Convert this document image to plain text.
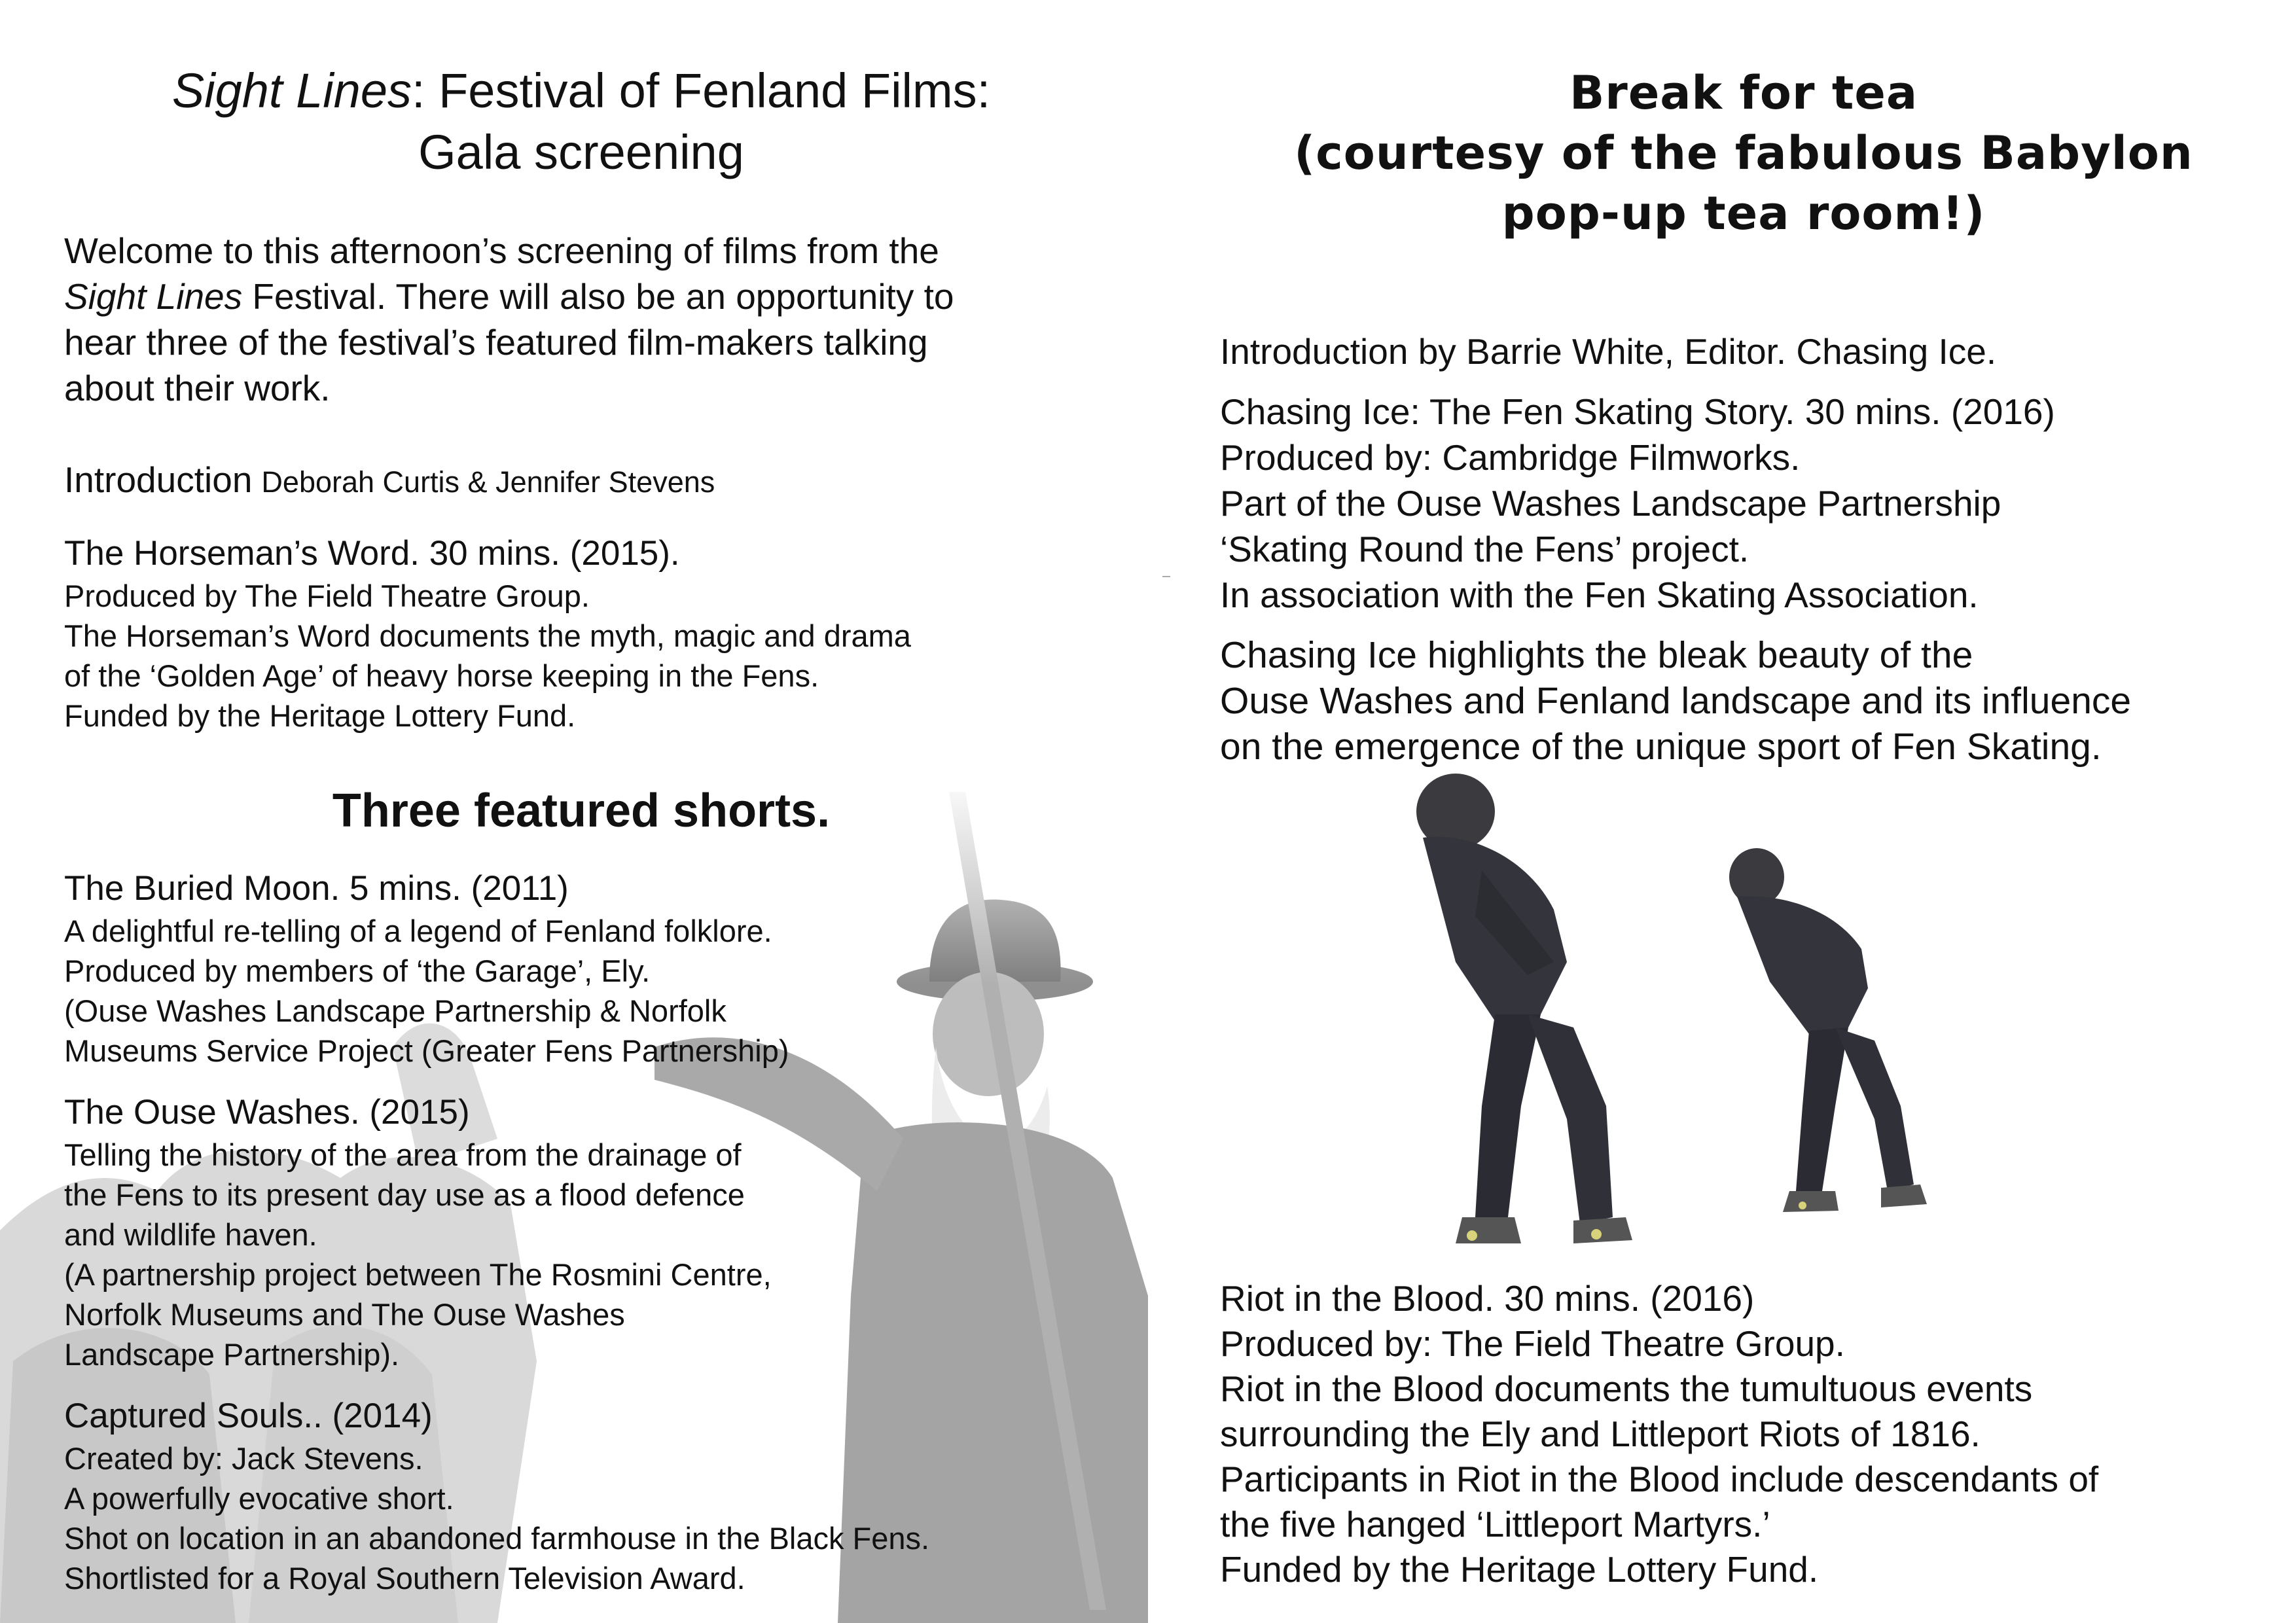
Sight Lines: Festival of Fenland Films:
Gala screening
Welcome to this afternoon’s screening of films from the
Sight Lines Festival. There will also be an opportunity to
hear three of the festival’s featured film-makers talking
about their work.
Introduction Deborah Curtis & Jennifer Stevens
The Horseman’s Word. 30 mins. (2015).
Produced by The Field Theatre Group.
The Horseman’s Word documents the myth, magic and drama
of the ‘Golden Age’ of heavy horse keeping in the Fens.
Funded by the Heritage Lottery Fund.
Three featured shorts.
The Buried Moon. 5 mins. (2011)
A delightful re-telling of a legend of Fenland folklore.
Produced by members of ‘the Garage’, Ely.
(Ouse Washes Landscape Partnership & Norfolk
Museums Service Project (Greater Fens Partnership)
The Ouse Washes. (2015)
Telling the history of the area from the drainage of
the Fens to its present day use as a flood defence
and wildlife haven.
(A partnership project between The Rosmini Centre,
Norfolk Museums and The Ouse Washes
Landscape Partnership).
Captured Souls.. (2014)
Created by: Jack Stevens.
A powerfully evocative short.
Shot on location in an abandoned farmhouse in the Black Fens.
Shortlisted for a Royal Southern Television Award.
Break for tea
(courtesy of the fabulous Babylon
pop-up tea room!)
Introduction by Barrie White, Editor. Chasing Ice.
Chasing Ice: The Fen Skating Story. 30 mins. (2016)
Produced by: Cambridge Filmworks.
Part of the Ouse Washes Landscape Partnership
‘Skating Round the Fens’ project.
In association with the Fen Skating Association.
Chasing Ice highlights the bleak beauty of the
Ouse Washes and Fenland landscape and its influence
on the emergence of the unique sport of Fen Skating.
Riot in the Blood. 30 mins. (2016)
Produced by: The Field Theatre Group.
Riot in the Blood documents the tumultuous events
surrounding the Ely and Littleport Riots of 1816.
Participants in Riot in the Blood include descendants of
the five hanged ‘Littleport Martyrs.’
Funded by the Heritage Lottery Fund.
